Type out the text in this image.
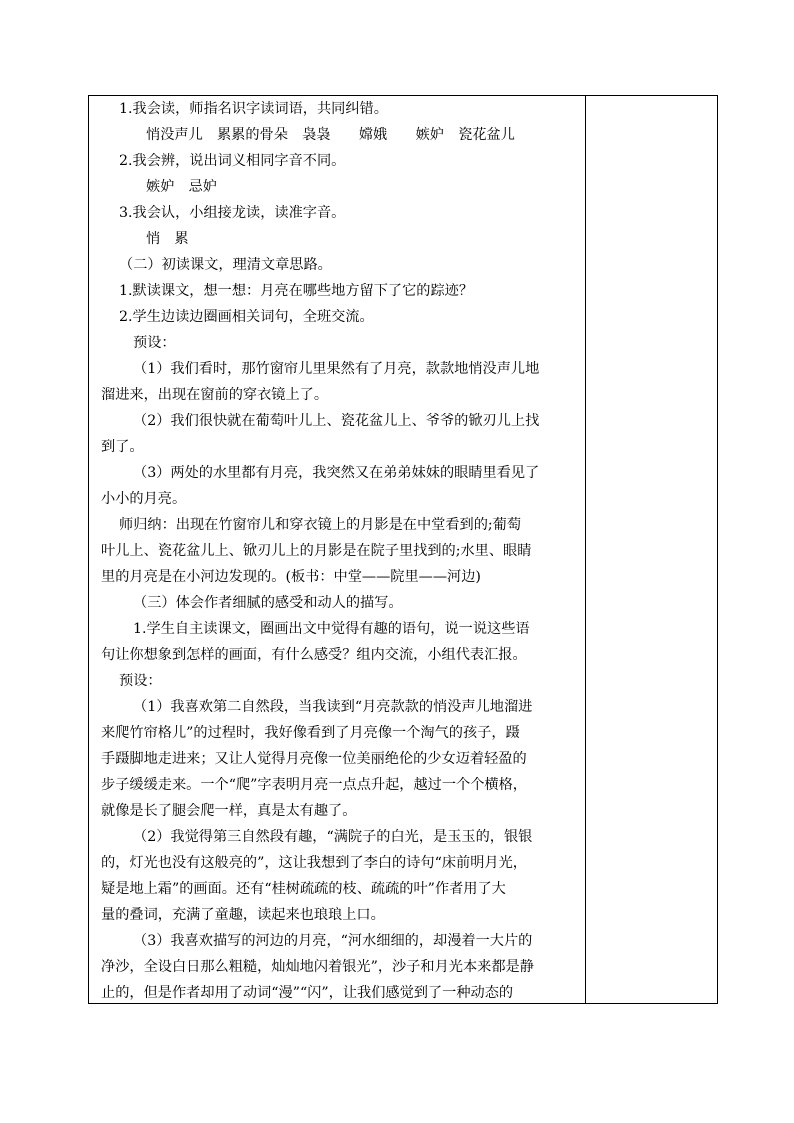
1.我会读，师指名识字读词语，共同纠错。
悄没声儿　累累的骨朵　袅袅　　嫦娥　　嫉妒　瓷花盆儿
2.我会辨，说出词义相同字音不同。
嫉妒　忌妒
3.我会认，小组接龙读，读准字音。
悄　累
（二）初读课文，理清文章思路。
1.默读课文，想一想：月亮在哪些地方留下了它的踪迹？
2.学生边读边圈画相关词句，全班交流。
预设：
（1）我们看时，那竹窗帘儿里果然有了月亮，款款地悄没声儿地
溜进来，出现在窗前的穿衣镜上了。
（2）我们很快就在葡萄叶儿上、瓷花盆儿上、爷爷的锨刃儿上找
到了。
（3）两处的水里都有月亮，我突然又在弟弟妹妹的眼睛里看见了
小小的月亮。
师归纳：出现在竹窗帘儿和穿衣镜上的月影是在中堂看到的;葡萄
叶儿上、瓷花盆儿上、锨刃儿上的月影是在院子里找到的;水里、眼睛
里的月亮是在小河边发现的。(板书：中堂——院里——河边)
（三）体会作者细腻的感受和动人的描写。
1.学生自主读课文，圈画出文中觉得有趣的语句，说一说这些语
句让你想象到怎样的画面，有什么感受？组内交流，小组代表汇报。
预设：
（1）我喜欢第二自然段，当我读到“月亮款款的悄没声儿地溜进
来爬竹帘格儿”的过程时，我好像看到了月亮像一个淘气的孩子，蹑
手蹑脚地走进来；又让人觉得月亮像一位美丽绝伦的少女迈着轻盈的
步子缓缓走来。一个“爬”字表明月亮一点点升起，越过一个个横格，
就像是长了腿会爬一样，真是太有趣了。
（2）我觉得第三自然段有趣，“满院子的白光，是玉玉的，银银
的，灯光也没有这般亮的”，这让我想到了李白的诗句“床前明月光，
疑是地上霜”的画面。还有“桂树疏疏的枝、疏疏的叶”作者用了大
量的叠词，充满了童趣，读起来也琅琅上口。
（3）我喜欢描写的河边的月亮，“河水细细的，却漫着一大片的
净沙，全设白日那么粗糙，灿灿地闪着银光”，沙子和月光本来都是静
止的，但是作者却用了动词“漫”“闪”，让我们感觉到了一种动态的
